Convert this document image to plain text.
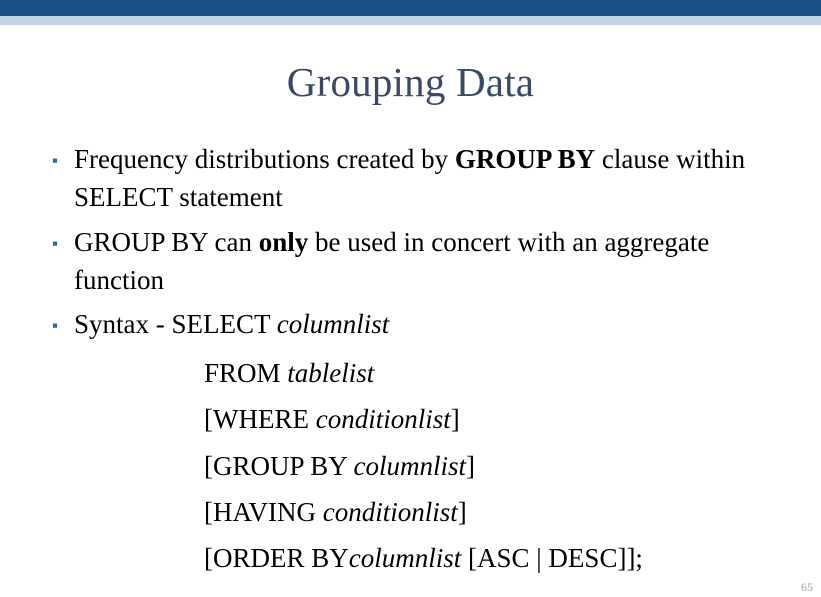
Grouping Data
▪ Frequency distributions created by GROUP BY clause within SELECT statement
▪ GROUP BY can only be used in concert with an aggregate function
▪ Syntax - SELECT columnlist
FROM tablelist
[WHERE conditionlist]
[GROUP BY columnlist]
[HAVING conditionlist]
[ORDER BYcolumnlist [ASC | DESC]];
65
